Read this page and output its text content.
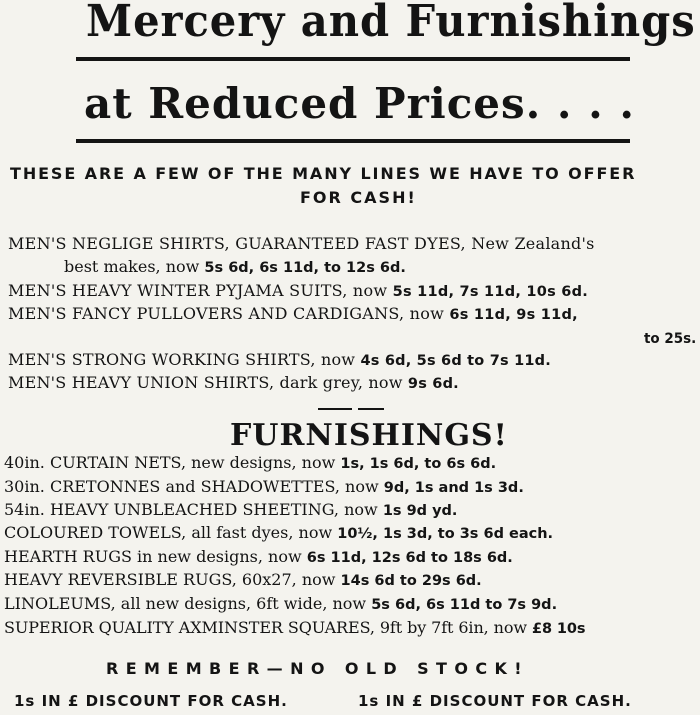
Mercery and Furnishings
at Reduced Prices. . . .
THESE ARE A FEW OF THE MANY LINES WE HAVE TO OFFER
FOR CASH!
MEN'S NEGLIGE SHIRTS, GUARANTEED FAST DYES, New Zealand's
best makes, now 5s 6d, 6s 11d, to 12s 6d.
MEN'S HEAVY WINTER PYJAMA SUITS, now 5s 11d, 7s 11d, 10s 6d.
MEN'S FANCY PULLOVERS AND CARDIGANS, now 6s 11d, 9s 11d,
to 25s.
MEN'S STRONG WORKING SHIRTS, now 4s 6d, 5s 6d to 7s 11d.
MEN'S HEAVY UNION SHIRTS, dark grey, now 9s 6d.
FURNISHINGS!
40in. CURTAIN NETS, new designs, now 1s, 1s 6d, to 6s 6d.
30in. CRETONNES and SHADOWETTES, now 9d, 1s and 1s 3d.
54in. HEAVY UNBLEACHED SHEETING, now 1s 9d yd.
COLOURED TOWELS, all fast dyes, now 10½, 1s 3d, to 3s 6d each.
HEARTH RUGS in new designs, now 6s 11d, 12s 6d to 18s 6d.
HEAVY REVERSIBLE RUGS, 60x27, now 14s 6d to 29s 6d.
LINOLEUMS, all new designs, 6ft wide, now 5s 6d, 6s 11d to 7s 9d.
SUPERIOR QUALITY AXMINSTER SQUARES, 9ft by 7ft 6in, now £8 10s
REMEMBER—NO OLD STOCK!
1s IN £ DISCOUNT FOR CASH.	1s IN £ DISCOUNT FOR CASH.
